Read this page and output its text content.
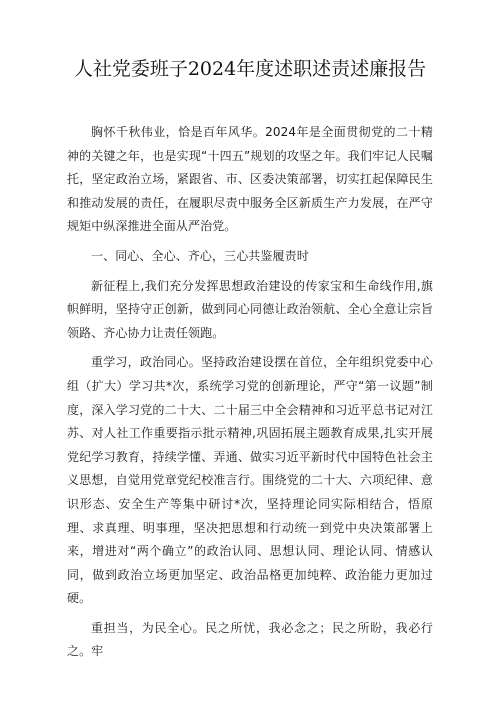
人社党委班子2024年度述职述责述廉报告

胸怀千秋伟业，恰是百年风华。2024年是全面贯彻党的二十精神的关键之年，也是实现“十四五”规划的攻坚之年。我们牢记人民嘱托，坚定政治立场，紧跟省、市、区委决策部署，切实扛起保障民生和推动发展的责任，在履职尽责中服务全区新质生产力发展，在严守规矩中纵深推进全面从严治党。

一、同心、全心、齐心，三心共鉴履责时

新征程上,我们充分发挥思想政治建设的传家宝和生命线作用,旗帜鲜明，坚持守正创新，做到同心同德让政治领航、全心全意让宗旨领路、齐心协力让责任领跑。

重学习，政治同心。坚持政治建设摆在首位，全年组织党委中心组（扩大）学习共*次，系统学习党的创新理论，严守“第一议题”制度，深入学习党的二十大、二十届三中全会精神和习近平总书记对江苏、对人社工作重要指示批示精神,巩固拓展主题教育成果,扎实开展党纪学习教育，持续学懂、弄通、做实习近平新时代中国特色社会主义思想，自觉用党章党纪校准言行。围绕党的二十大、六项纪律、意识形态、安全生产等集中研讨*次，坚持理论同实际相结合，悟原理、求真理、明事理，坚决把思想和行动统一到党中央决策部署上来，增进对“两个确立”的政治认同、思想认同、理论认同、情感认同，做到政治立场更加坚定、政治品格更加纯粹、政治能力更加过硬。

重担当，为民全心。民之所忧，我必念之；民之所盼，我必行之。牢
